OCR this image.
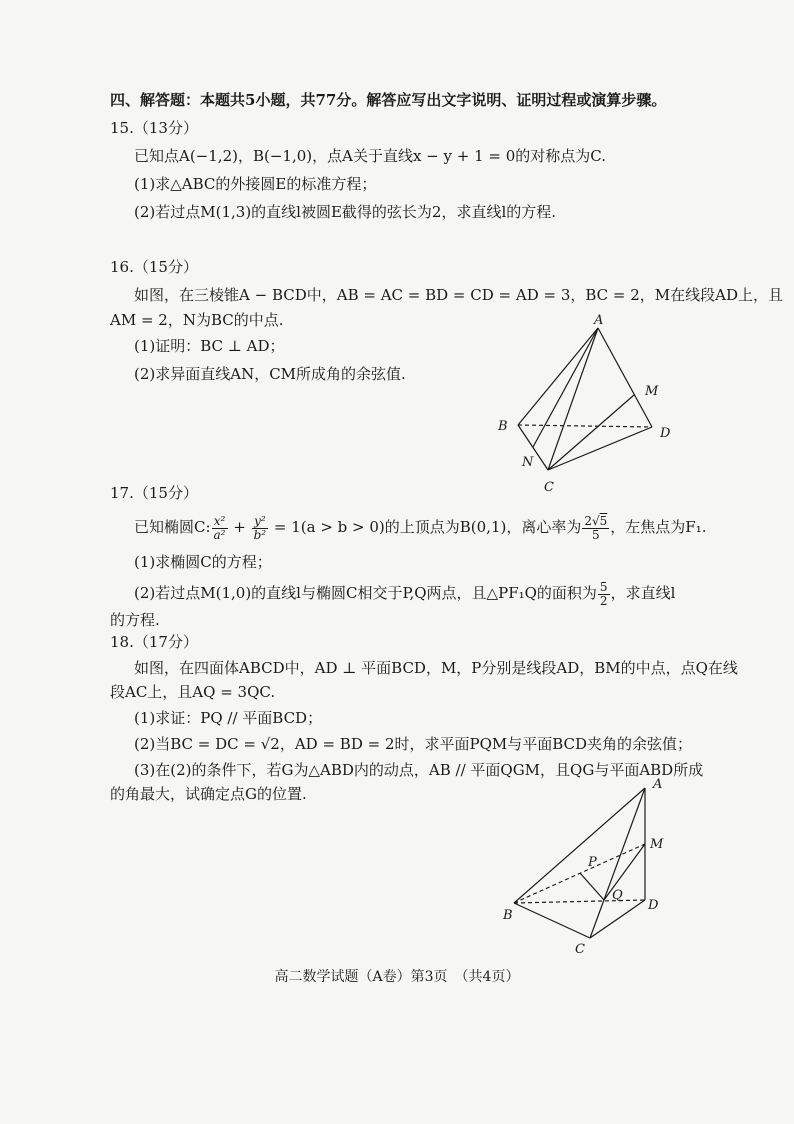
四、解答题：本题共5小题，共77分。解答应写出文字说明、证明过程或演算步骤。
15.（13分）
已知点A(−1,2)，B(−1,0)，点A关于直线x − y + 1 = 0的对称点为C.
(1)求△ABC的外接圆E的标准方程；
(2)若过点M(1,3)的直线l被圆E截得的弦长为2，求直线l的方程.
16.（15分）
如图，在三棱锥A − BCD中，AB = AC = BD = CD = AD = 3，BC = 2，M在线段AD上，且
AM = 2，N为BC的中点.
(1)证明：BC ⊥ AD；
(2)求异面直线AN，CM所成角的余弦值.
A
B
C
D
M
N
17.（15分）
已知椭圆C: $\frac{\text{x²}}{\text{a²}} + \frac{\text{y²}}{\text{b²}} = 1(a > b > 0)$的上顶点为B(0,1)，离心率为 $\frac{2√5}{5}$ ，左焦点为F₁.
(1)求椭圆C的方程；
(2)若过点M(1,0)的直线l与椭圆C相交于P,Q两点，且△PF₁Q的面积为 $\frac{5}{2}$ ，求直线l
的方程.
18.（17分）
如图，在四面体ABCD中，AD ⊥ 平面BCD，M，P分别是线段AD，BM的中点，点Q在线
段AC上，且AQ = 3QC.
(1)求证：PQ // 平面BCD；
(2)当BC = DC = √2，AD = BD = 2时，求平面PQM与平面BCD夹角的余弦值；
(3)在(2)的条件下，若G为△ABD内的动点，AB // 平面QGM，且QG与平面ABD所成
的角最大，试确定点G的位置.
A
B
C
D
M
P
Q
高二数学试题（A卷）第3页　（共4页）
